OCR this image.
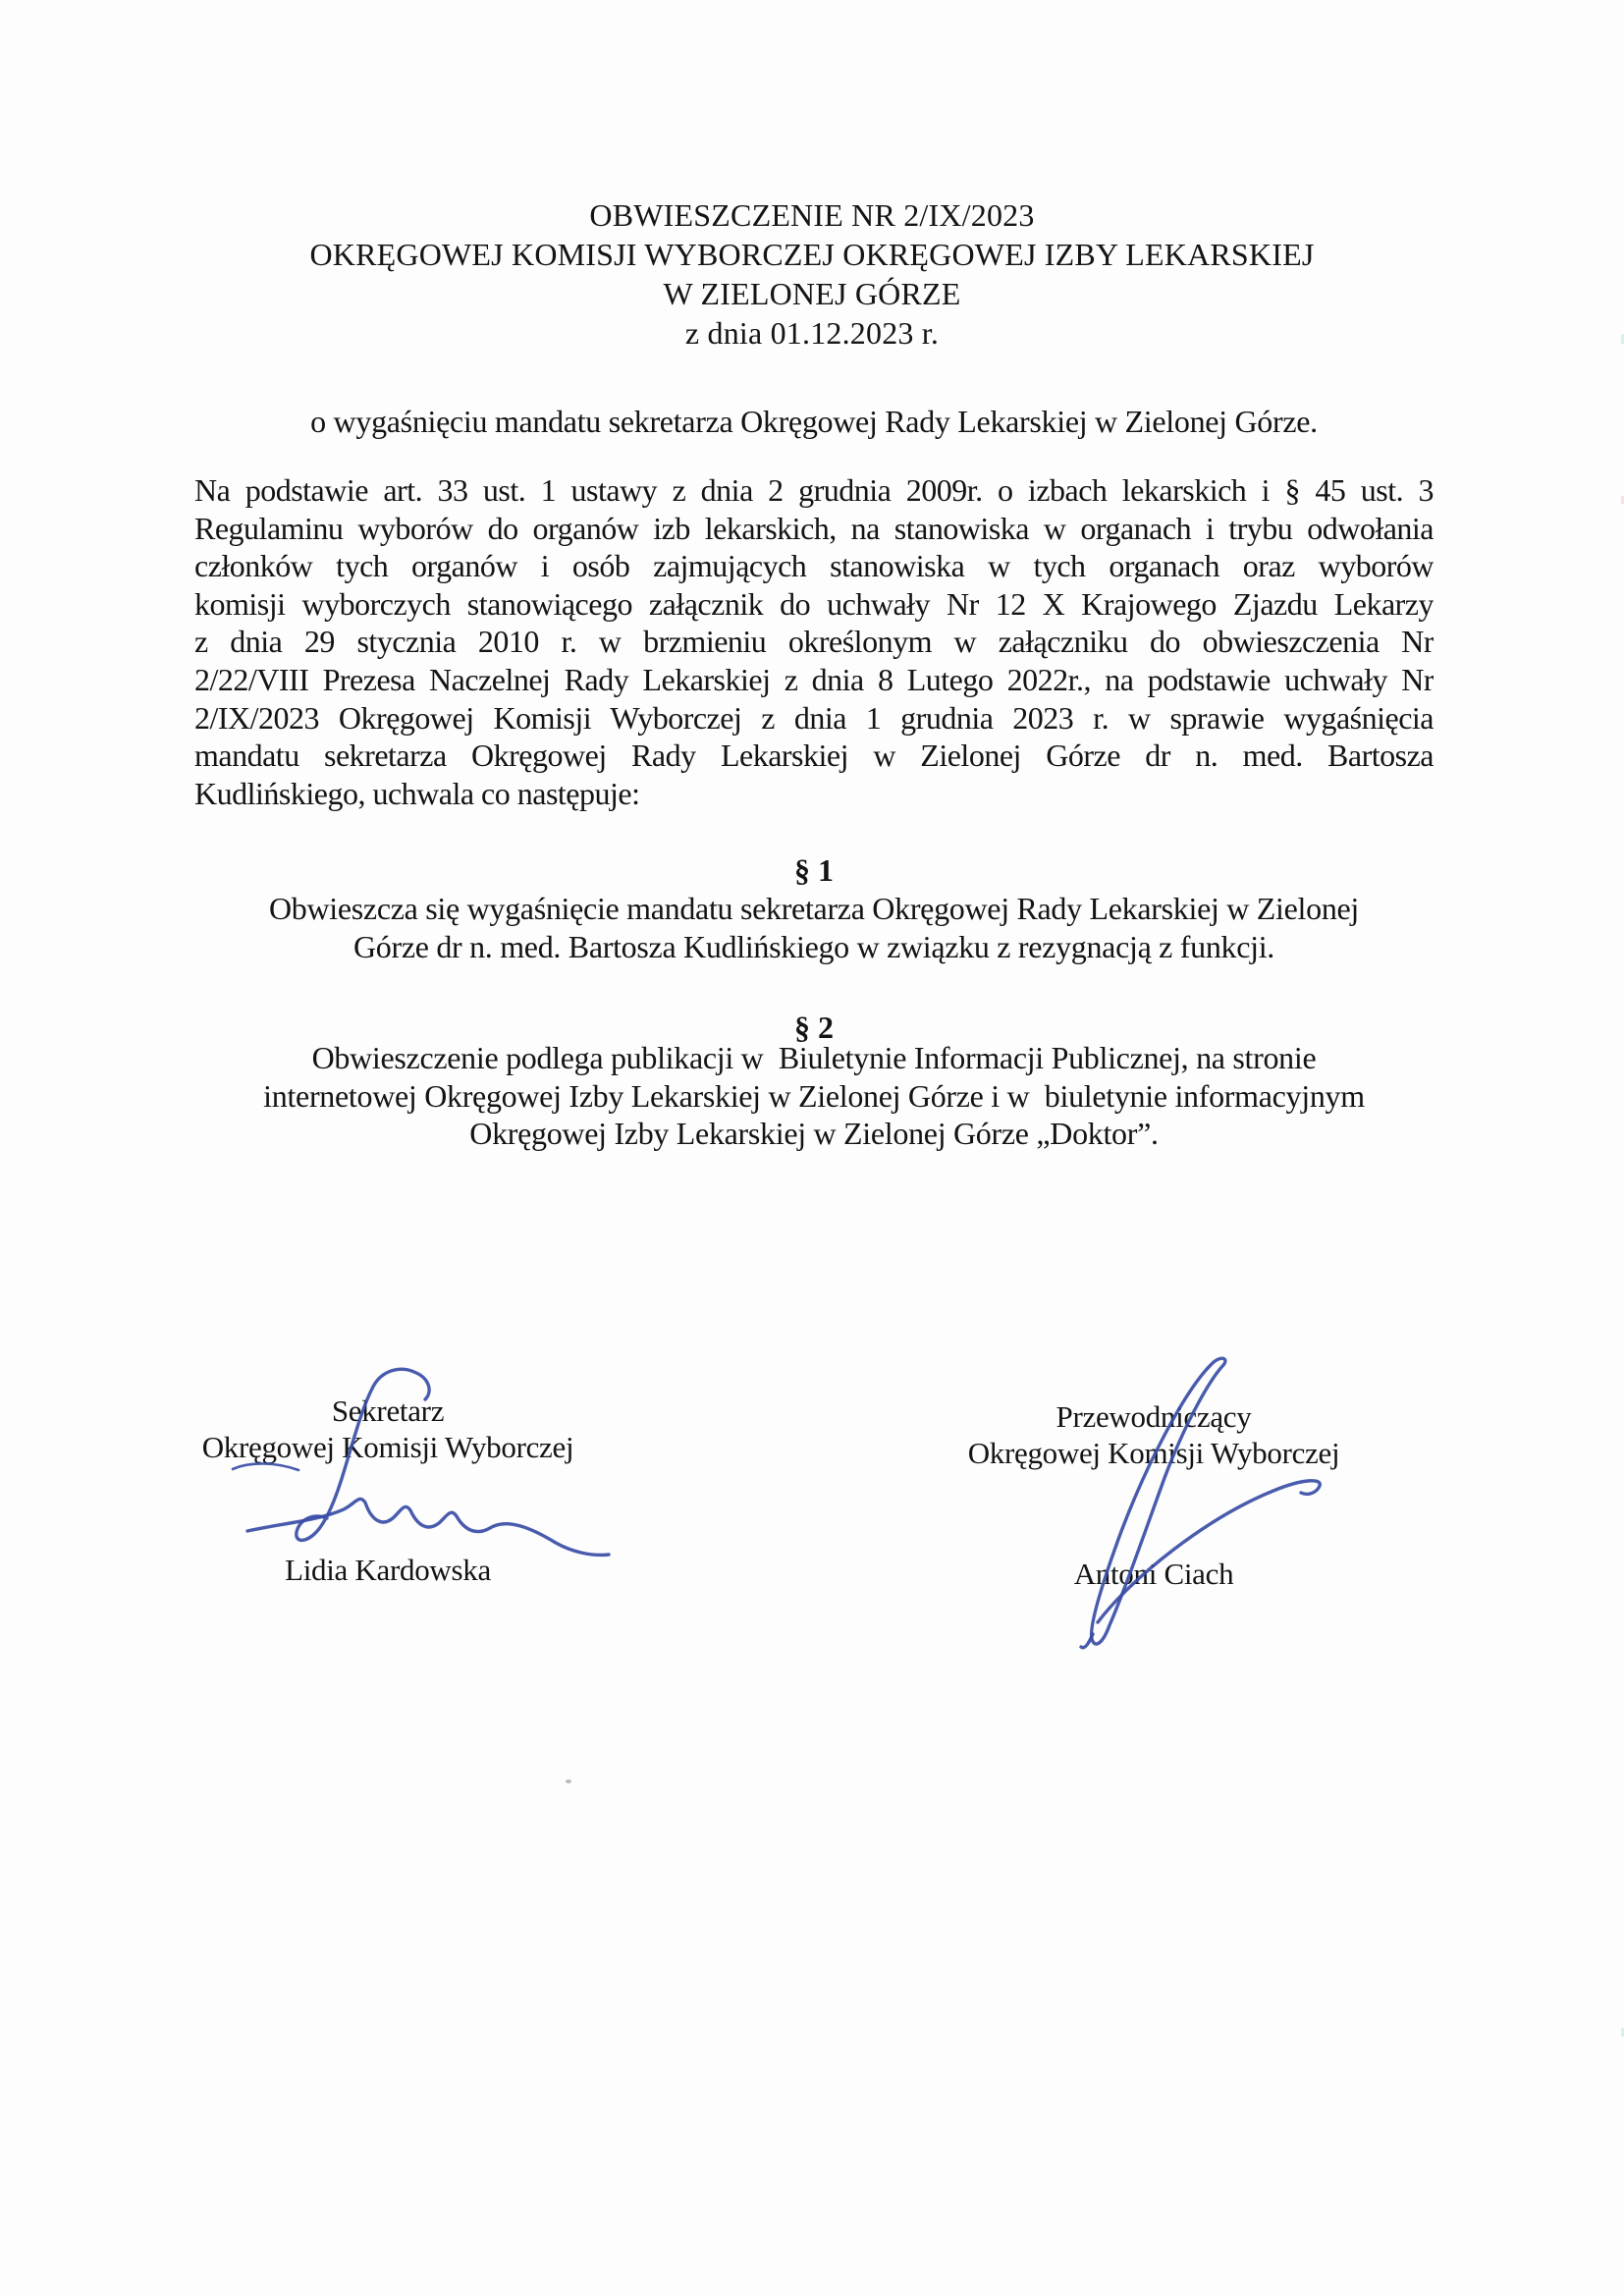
OBWIESZCZENIE NR 2/IX/2023
OKRĘGOWEJ KOMISJI WYBORCZEJ OKRĘGOWEJ IZBY LEKARSKIEJ
W ZIELONEJ GÓRZE
z dnia 01.12.2023 r.
o wygaśnięciu mandatu sekretarza Okręgowej Rady Lekarskiej w Zielonej Górze.
Na podstawie art. 33 ust. 1 ustawy z dnia 2 grudnia 2009r. o izbach lekarskich i § 45 ust. 3
Regulaminu wyborów do organów izb lekarskich, na stanowiska w organach i trybu odwołania
członków tych organów i osób zajmujących stanowiska w tych organach oraz wyborów
komisji wyborczych stanowiącego załącznik do uchwały Nr 12 X Krajowego Zjazdu Lekarzy
z dnia 29 stycznia 2010 r. w brzmieniu określonym w załączniku do obwieszczenia Nr
2/22/VIII Prezesa Naczelnej Rady Lekarskiej z dnia 8 Lutego 2022r., na podstawie uchwały Nr
2/IX/2023 Okręgowej Komisji Wyborczej z dnia 1 grudnia 2023 r. w sprawie wygaśnięcia
mandatu sekretarza Okręgowej Rady Lekarskiej w Zielonej Górze dr n. med. Bartosza
Kudlińskiego, uchwala co następuje:
§ 1
Obwieszcza się wygaśnięcie mandatu sekretarza Okręgowej Rady Lekarskiej w Zielonej
Górze dr n. med. Bartosza Kudlińskiego w związku z rezygnacją z funkcji.
§ 2
Obwieszczenie podlega publikacji w  Biuletynie Informacji Publicznej, na stronie
internetowej Okręgowej Izby Lekarskiej w Zielonej Górze i w  biuletynie informacyjnym
Okręgowej Izby Lekarskiej w Zielonej Górze „Doktor”.
Sekretarz
Okręgowej Komisji Wyborczej
Lidia Kardowska
Przewodniczący
Okręgowej Komisji Wyborczej
Antoni Ciach
